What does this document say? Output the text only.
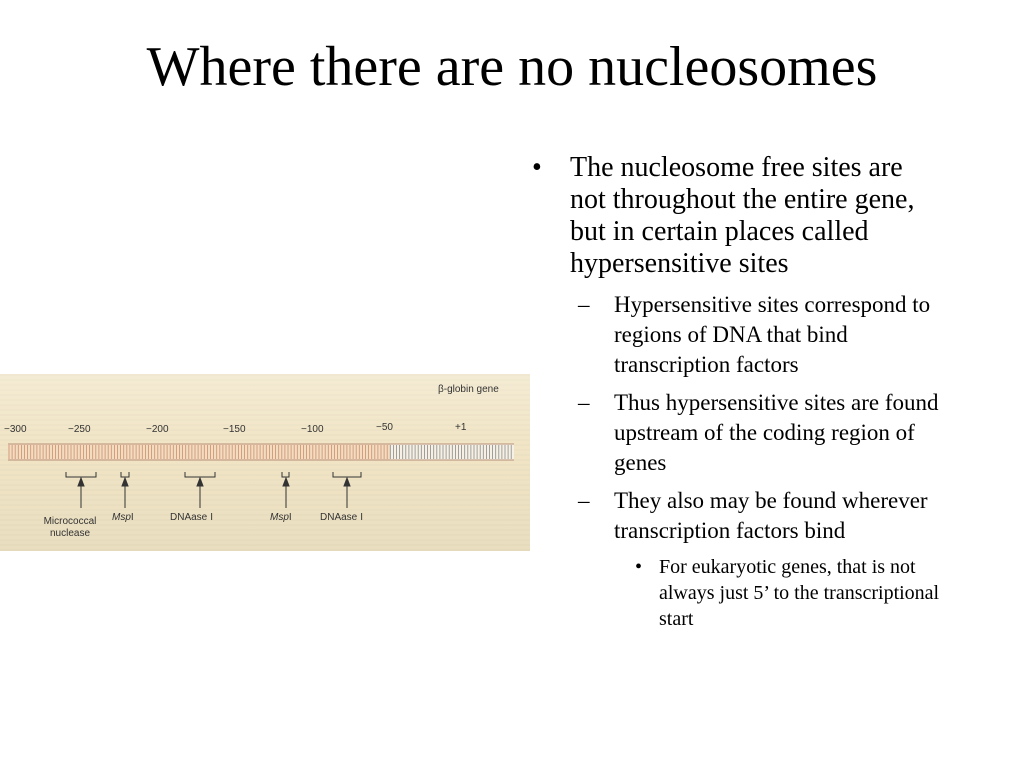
Where there are no nucleosomes
β-globin gene
−300	−250	−200	−150	−100	−50	+1
Micrococcal
nuclease
MspI	DNAase I	MspI	DNAase I
• The nucleosome free sites are not throughout the entire gene, but in certain places called hypersensitive sites
– Hypersensitive sites correspond to regions of DNA that bind transcription factors
– Thus hypersensitive sites are found upstream of the coding region of genes
– They also may be found wherever transcription factors bind
• For eukaryotic genes, that is not always just 5’ to the transcriptional start
